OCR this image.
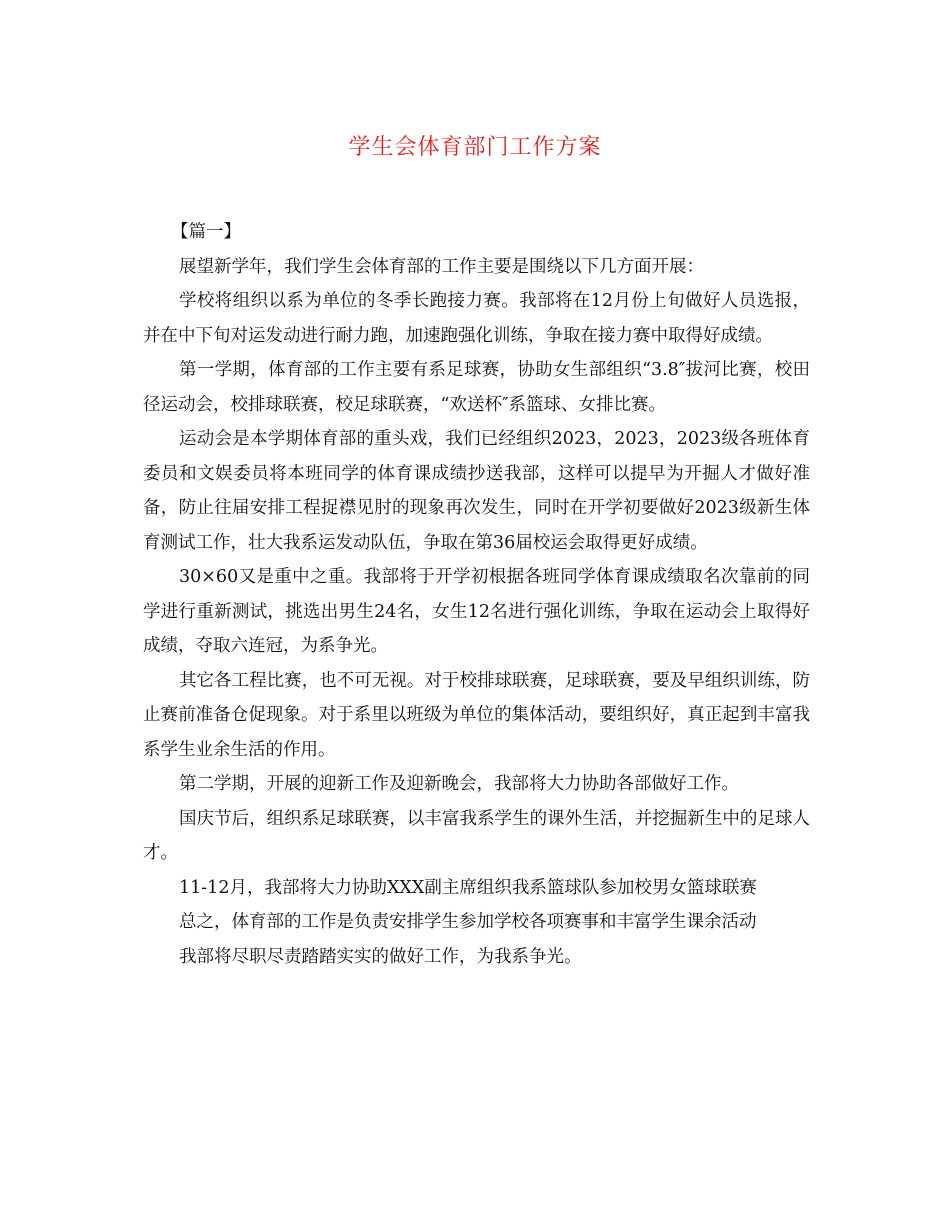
学生会体育部门工作方案

【篇一】

展望新学年，我们学生会体育部的工作主要是围绕以下几方面开展：

学校将组织以系为单位的冬季长跑接力赛。我部将在12月份上旬做好人员选报，并在中下旬对运发动进行耐力跑，加速跑强化训练，争取在接力赛中取得好成绩。

第一学期，体育部的工作主要有系足球赛，协助女生部组织“3.8″拔河比赛，校田径运动会，校排球联赛，校足球联赛，“欢送杯″系篮球、女排比赛。

运动会是本学期体育部的重头戏，我们已经组织2023，2023，2023级各班体育委员和文娱委员将本班同学的体育课成绩抄送我部，这样可以提早为开掘人才做好准备，防止往届安排工程捉襟见肘的现象再次发生，同时在开学初要做好2023级新生体育测试工作，壮大我系运发动队伍，争取在第36届校运会取得更好成绩。

30×60又是重中之重。我部将于开学初根据各班同学体育课成绩取名次靠前的同学进行重新测试，挑选出男生24名，女生12名进行强化训练，争取在运动会上取得好成绩，夺取六连冠，为系争光。

其它各工程比赛，也不可无视。对于校排球联赛，足球联赛，要及早组织训练，防止赛前准备仓促现象。对于系里以班级为单位的集体活动，要组织好，真正起到丰富我系学生业余生活的作用。

第二学期，开展的迎新工作及迎新晚会，我部将大力协助各部做好工作。

国庆节后，组织系足球联赛，以丰富我系学生的课外生活，并挖掘新生中的足球人才。

11-12月，我部将大力协助XXX副主席组织我系篮球队参加校男女篮球联赛

总之，体育部的工作是负责安排学生参加学校各项赛事和丰富学生课余活动

我部将尽职尽责踏踏实实的做好工作，为我系争光。
